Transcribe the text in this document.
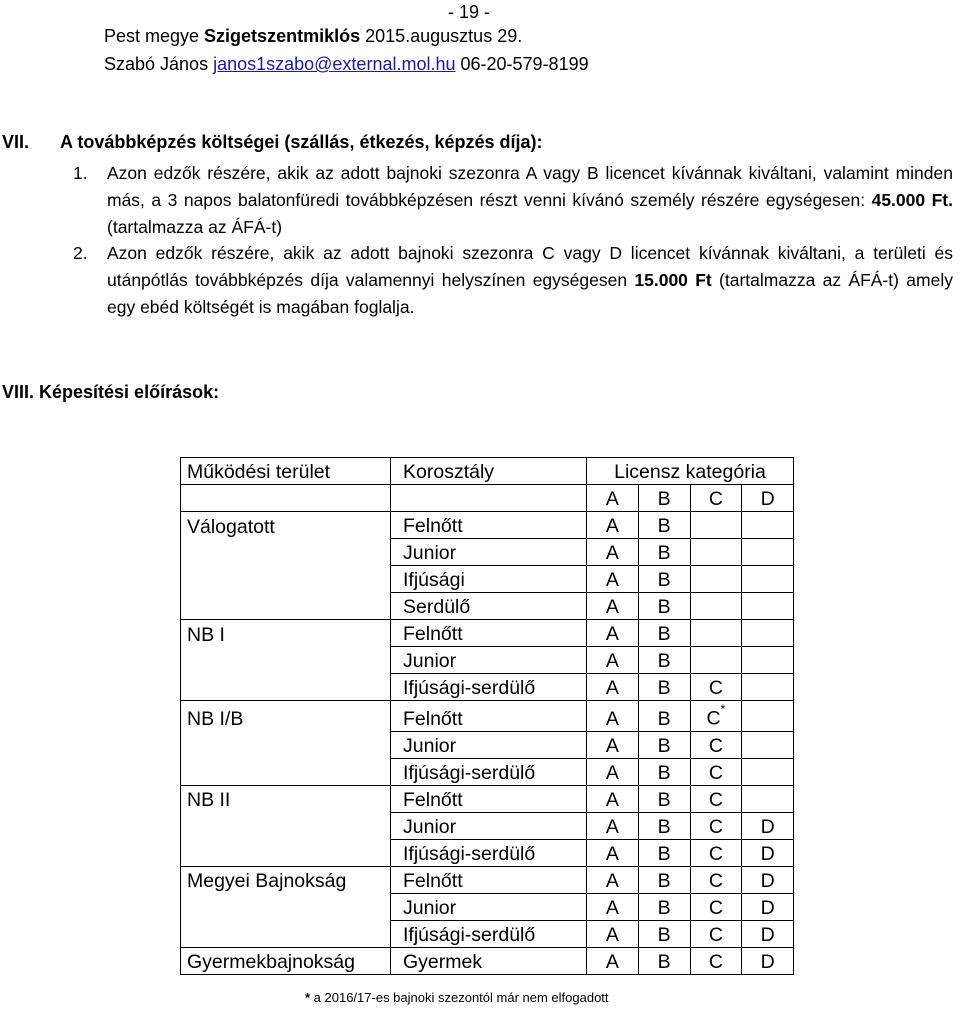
- 19 -
Pest megye Szigetszentmiklós 2015.augusztus 29.
Szabó János janos1szabo@external.mol.hu 06-20-579-8199
VII. A továbbképzés költségei (szállás, étkezés, képzés díja):

1. Azon edzők részére, akik az adott bajnoki szezonra A vagy B licencet kívánnak kiváltani, valamint minden más, a 3 napos balatonfüredi továbbképzésen részt venni kívánó személy részére egységesen: 45.000 Ft. (tartalmazza az ÁFÁ-t)

2. Azon edzők részére, akik az adott bajnoki szezonra C vagy D licencet kívánnak kiváltani, a területi és utánpótlás továbbképzés díja valamennyi helyszínen egységesen 15.000 Ft (tartalmazza az ÁFÁ-t) amely egy ebéd költségét is magában foglalja.

VIII. Képesítési előírások:
Működési terület	Korosztály	Licensz kategória			
		A	B	C	D
Válogatott	Felnőtt	A	B		
	Junior	A	B		
	Ifjúsági	A	B		
	Serdülő	A	B		
NB I	Felnőtt	A	B		
	Junior	A	B		
	Ifjúsági-serdülő	A	B	C	
NB I/B	Felnőtt	A	B	C*	
	Junior	A	B	C	
	Ifjúsági-serdülő	A	B	C	
NB II	Felnőtt	A	B	C	
	Junior	A	B	C	D
	Ifjúsági-serdülő	A	B	C	D
Megyei Bajnokság	Felnőtt	A	B	C	D
	Junior	A	B	C	D
	Ifjúsági-serdülő	A	B	C	D
Gyermekbajnokság	Gyermek	A	B	C	D
* a 2016/17-es bajnoki szezontól már nem elfogadott
